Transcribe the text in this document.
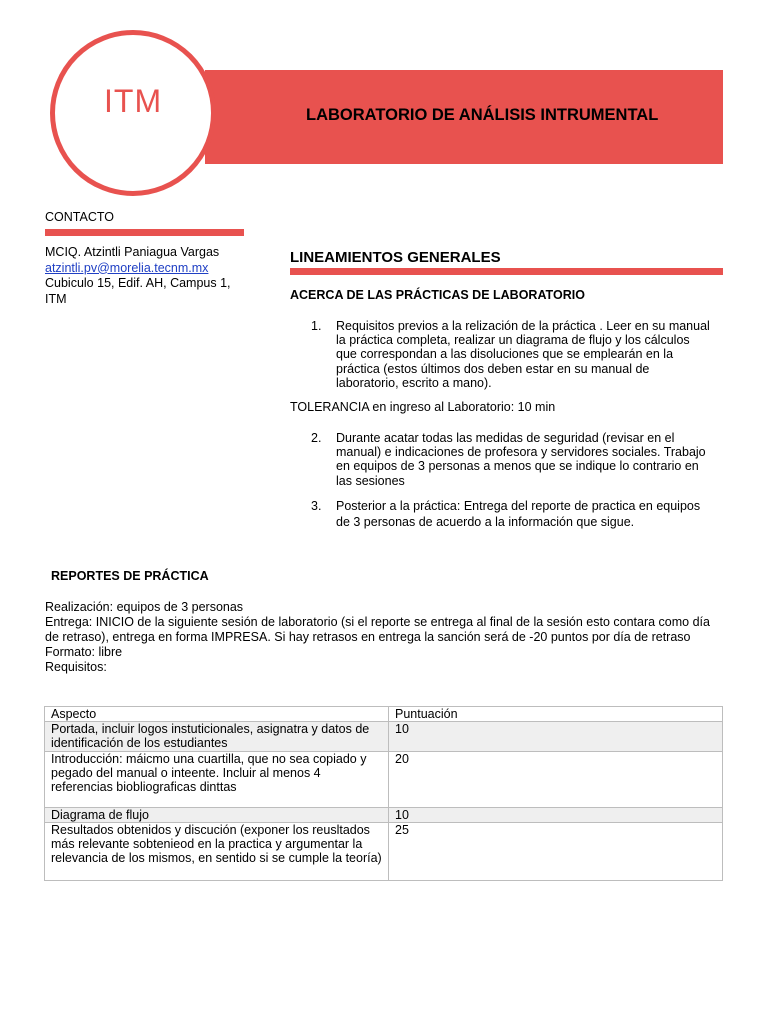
LABORATORIO DE ANÁLISIS INTRUMENTAL
ITM
CONTACTO
MCIQ. Atzintli Paniagua Vargas
atzintli.pv@morelia.tecnm.mx
Cubiculo 15, Edif. AH, Campus 1,
ITM
LINEAMIENTOS GENERALES
ACERCA DE LAS PRÁCTICAS DE LABORATORIO
1.	Requisitos previos a la relización de la práctica . Leer en su manual
la práctica completa, realizar un diagrama de flujo y los cálculos
que correspondan a las disoluciones que se emplearán en la
práctica (estos últimos dos deben estar en su manual de
laboratorio, escrito a mano).
TOLERANCIA en ingreso al Laboratorio: 10 min
2.	Durante acatar todas las medidas de seguridad (revisar en el
manual) e indicaciones de profesora y servidores sociales. Trabajo
en equipos de 3 personas a menos que se indique lo contrario en
las sesiones
3.	Posterior a la práctica: Entrega del reporte de practica en equipos
de 3 personas de acuerdo a la información que sigue.
REPORTES DE PRÁCTICA
Realización: equipos de 3 personas
Entrega: INICIO de la siguiente sesión de laboratorio (si el reporte se entrega al final de la sesión esto contara como día de retraso), entrega en forma IMPRESA. Si hay retrasos en entrega la sanción será de -20 puntos por día de retraso
Formato: libre
Requisitos:
Aspecto	Puntuación
Portada, incluir logos instuticionales, asignatra y datos de identificación de los estudiantes	10
Introducción: máicmo una cuartilla, que no sea copiado y pegado del manual o inteente. Incluir al menos 4 referencias biobliograficas dinttas	20
Diagrama de flujo	10
Resultados obtenidos y discución (exponer los reusltados más relevante sobtenieod en la practica y argumentar la relevancia de los mismos, en sentido si se cumple la teoría)	25
